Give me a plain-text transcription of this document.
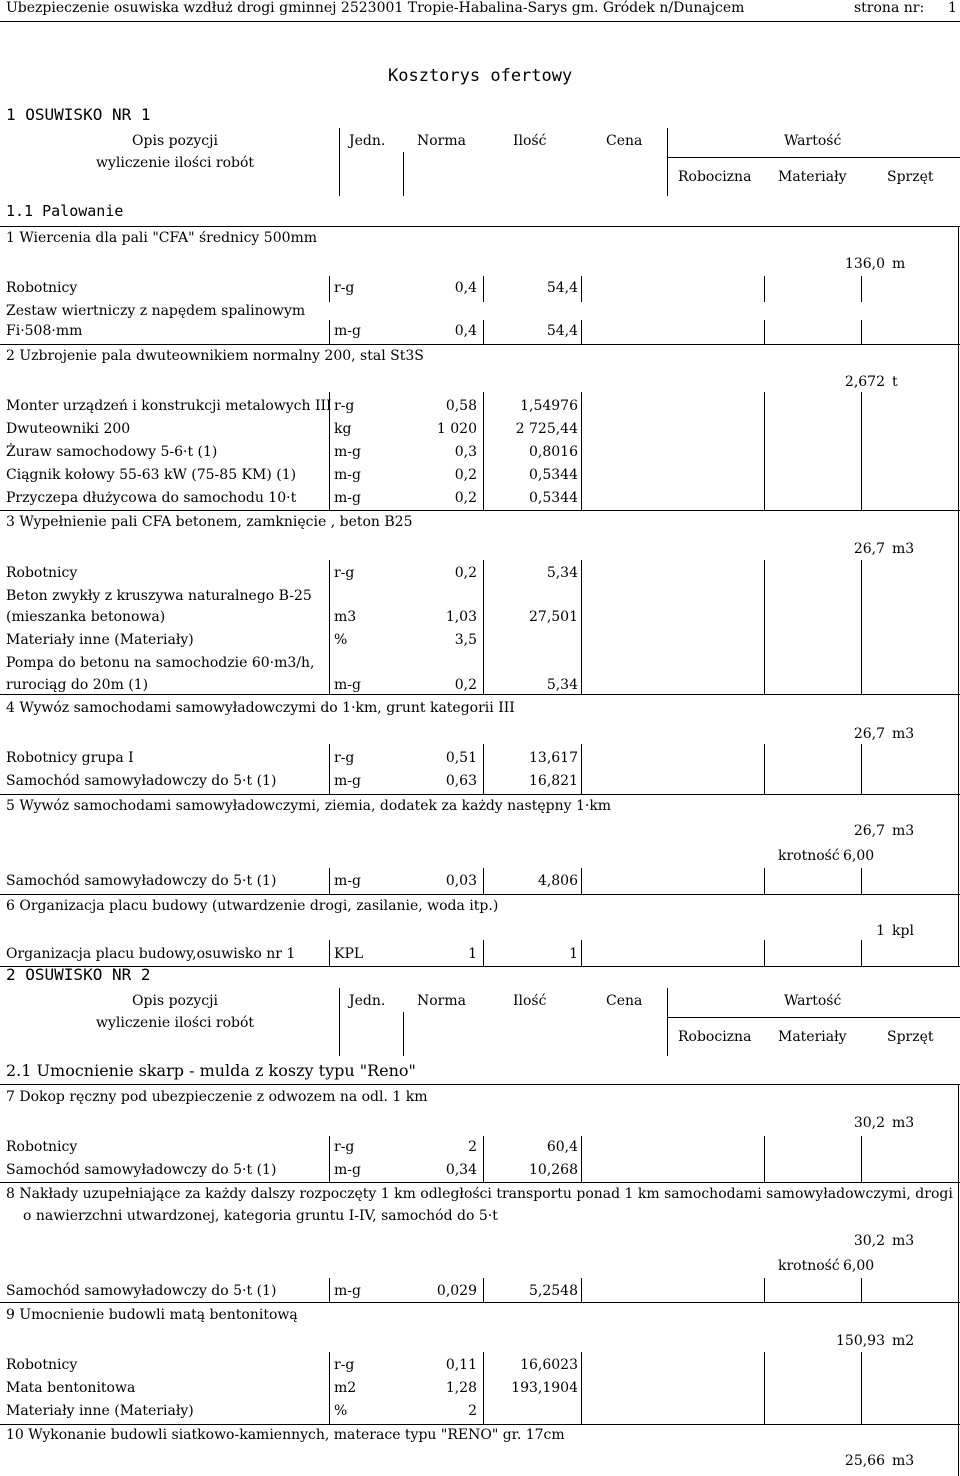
Ubezpieczenie osuwiska wzdłuż drogi gminnej 2523001 Tropie-Habalina-Sarys gm. Gródek n/Dunajcem	strona nr: 1
Kosztorys ofertowy
1 OSUWISKO NR 1
Opis pozycji
wyliczenie ilości robót
Jedn. Norma	Ilość	Cena	Wartość
Robocizna Materiały	Sprzęt
1.1 Palowanie
1 Wiercenia dla pali "CFA" średnicy 500mm
136,0 m
Robotnicy	r-g	0,4	54,4
Zestaw wiertniczy z napędem spalinowym
Fi·508·mm	m-g	0,4	54,4
2 Uzbrojenie pala dwuteownikiem normalny 200, stal St3S
2,672 t
Monter urządzeń i konstrukcji metalowych III r-g	0,58	1,54976
Dwuteowniki 200	kg	1 020	2 725,44
Żuraw samochodowy 5-6·t (1)	m-g	0,3	0,8016
Ciągnik kołowy 55-63 kW (75-85 KM) (1)	m-g	0,2	0,5344
Przyczepa dłużycowa do samochodu 10·t	m-g	0,2	0,5344
3 Wypełnienie pali CFA betonem, zamknięcie , beton B25
26,7 m3
Robotnicy	r-g	0,2	5,34
Beton zwykły z kruszywa naturalnego B-25
(mieszanka betonowa)	m3	1,03	27,501
Materiały inne (Materiały)	%	3,5
Pompa do betonu na samochodzie 60·m3/h,
rurociąg do 20m (1)	m-g	0,2	5,34
4 Wywóz samochodami samowyładowczymi do 1·km, grunt kategorii III
26,7 m3
Robotnicy grupa I	r-g	0,51	13,617
Samochód samowyładowczy do 5·t (1)	m-g	0,63	16,821
5 Wywóz samochodami samowyładowczymi, ziemia, dodatek za każdy następny 1·km
26,7 m3
krotność 6,00
Samochód samowyładowczy do 5·t (1)	m-g	0,03	4,806
6 Organizacja placu budowy (utwardzenie drogi, zasilanie, woda itp.)
1 kpl
Organizacja placu budowy,osuwisko nr 1	KPL	1	1
2 OSUWISKO NR 2
Opis pozycji
wyliczenie ilości robót
Jedn. Norma	Ilość	Cena	Wartość
Robocizna Materiały	Sprzęt
2.1 Umocnienie skarp - mulda z koszy typu "Reno"
7 Dokop ręczny pod ubezpieczenie z odwozem na odl. 1 km
30,2 m3
Robotnicy	r-g	2	60,4
Samochód samowyładowczy do 5·t (1)	m-g	0,34	10,268
8 Nakłady uzupełniające za każdy dalszy rozpoczęty 1 km odległości transportu ponad 1 km samochodami samowyładowczymi, drogi
o nawierzchni utwardzonej, kategoria gruntu I-IV, samochód do 5·t
30,2 m3
krotność 6,00
Samochód samowyładowczy do 5·t (1)	m-g	0,029	5,2548
9 Umocnienie budowli matą bentonitową
150,93 m2
Robotnicy	r-g	0,11	16,6023
Mata bentonitowa	m2	1,28	193,1904
Materiały inne (Materiały)	%	2
10 Wykonanie budowli siatkowo-kamiennych, materace typu "RENO" gr. 17cm
25,66 m3
